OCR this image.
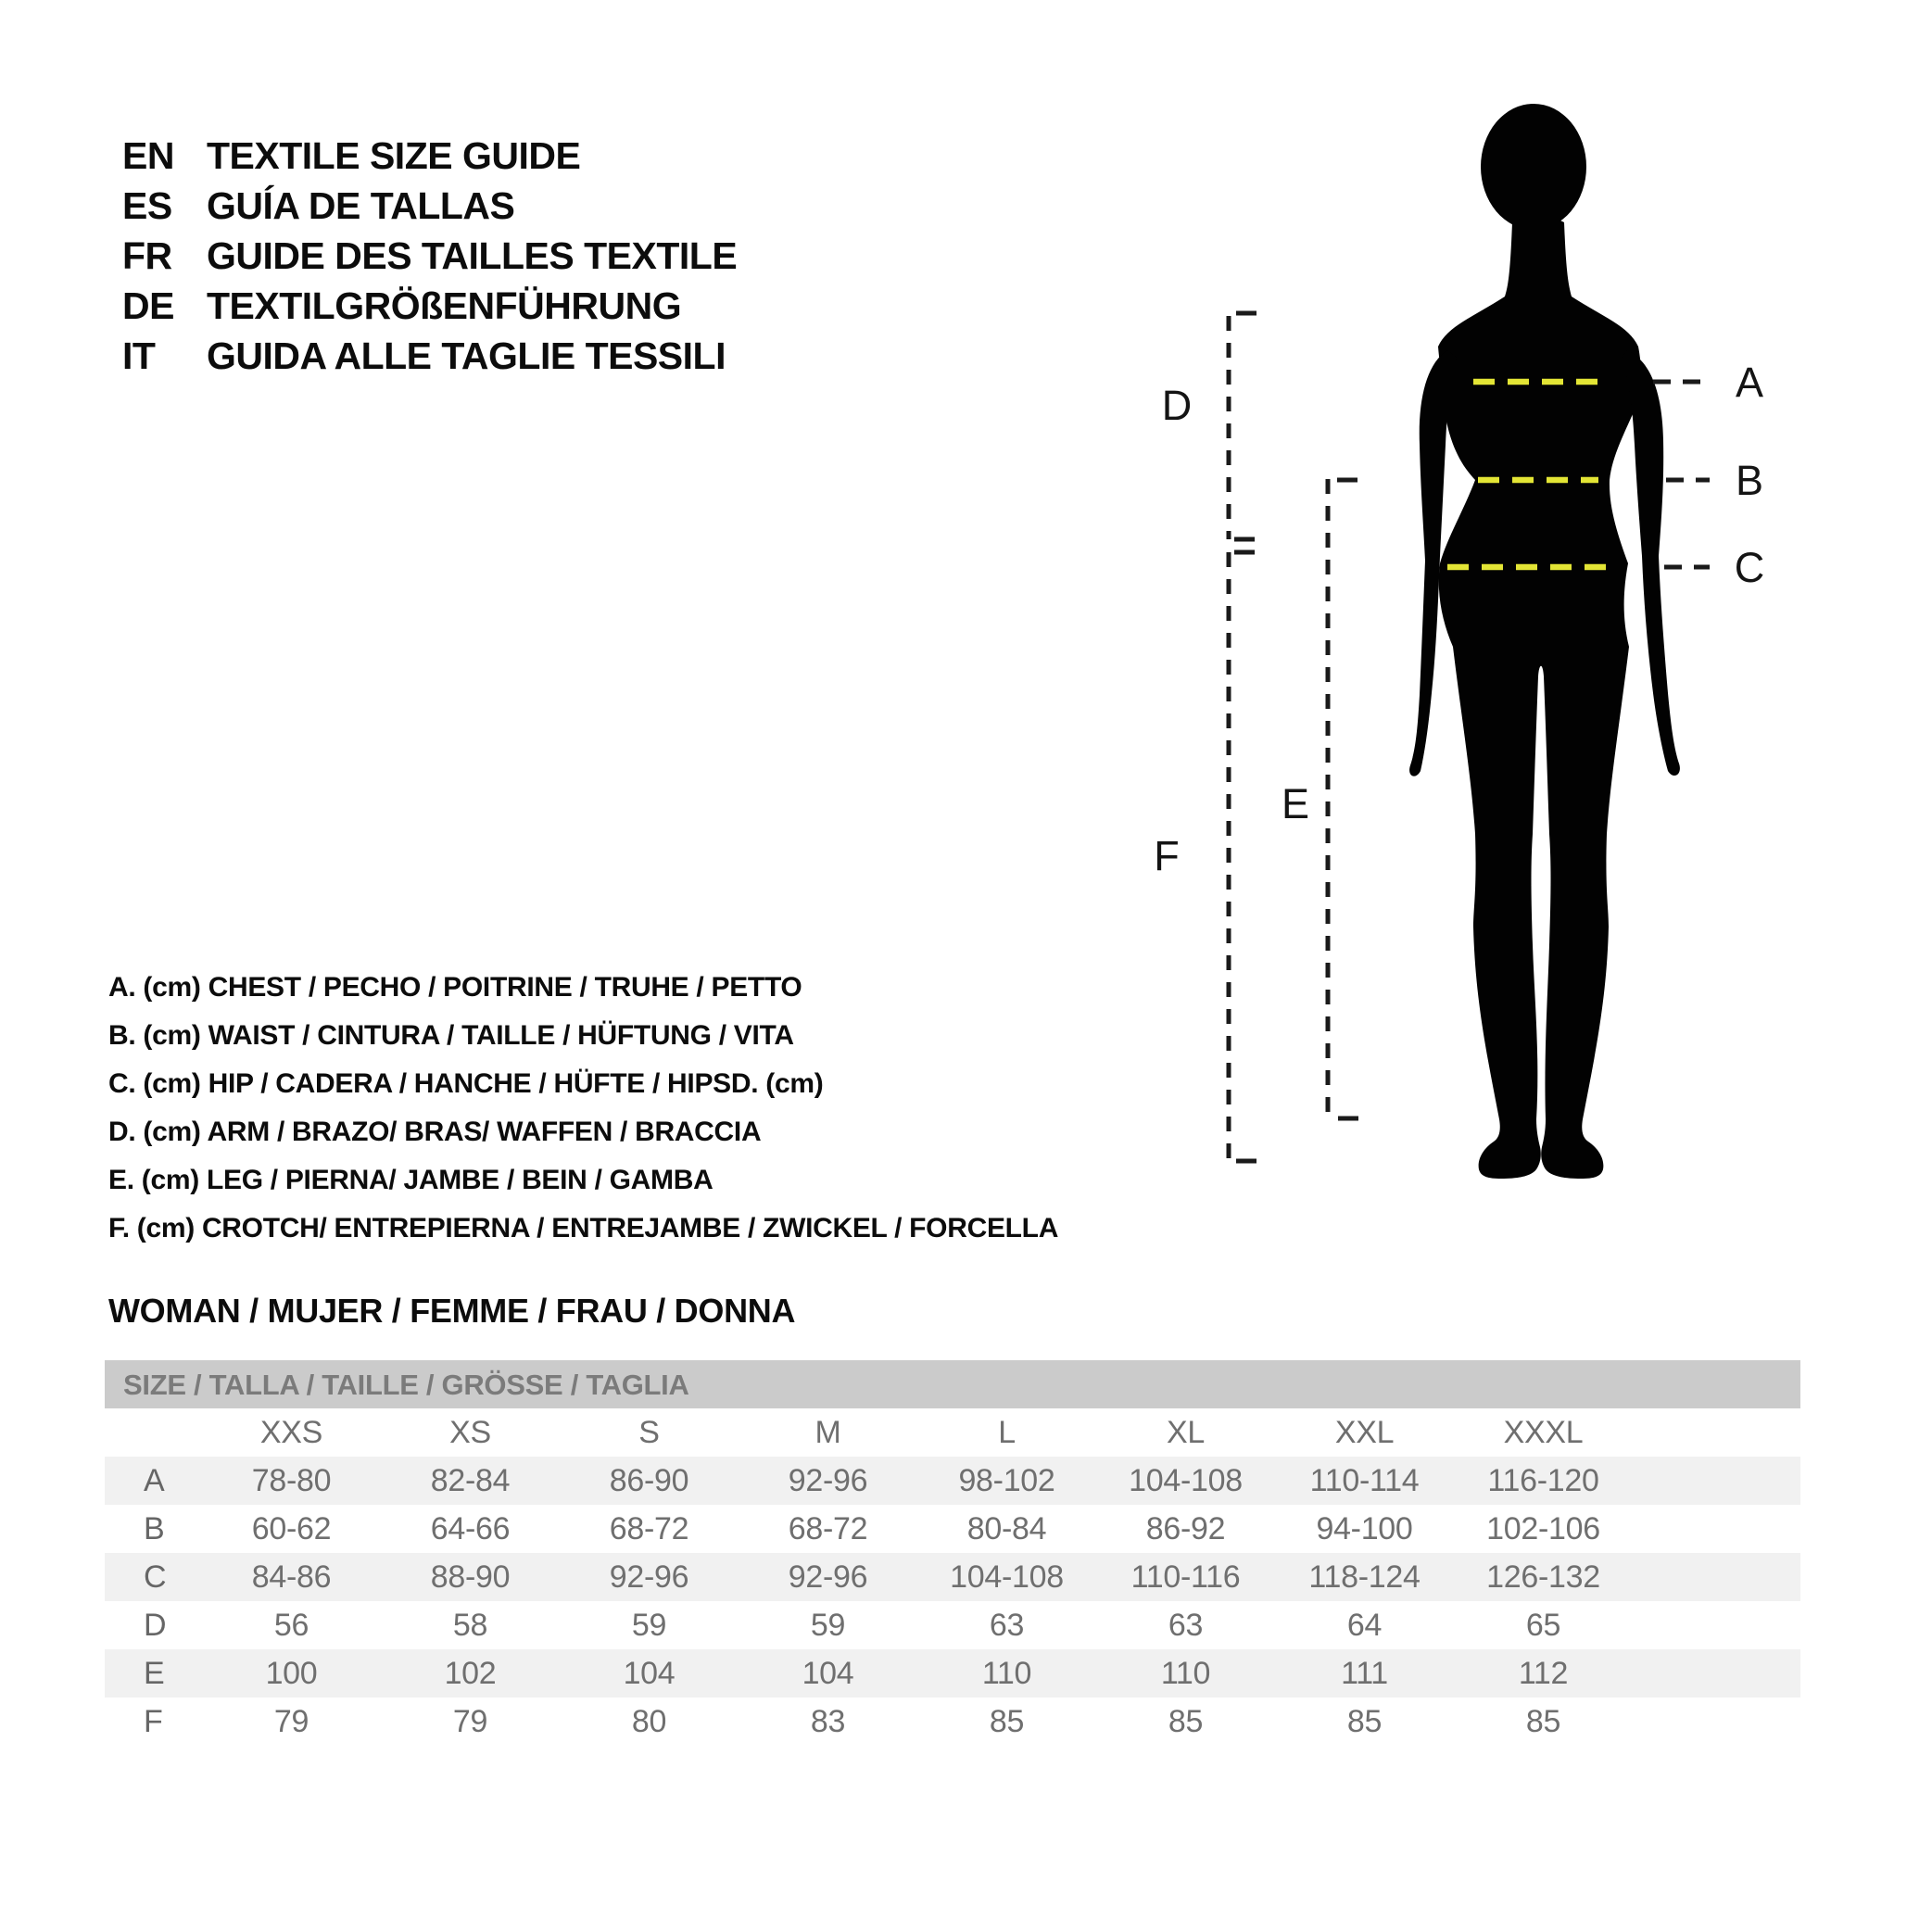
EN TEXTILE SIZE GUIDE
ES GUÍA DE TALLAS
FR GUIDE DES TAILLES TEXTILE
DE TEXTILGRÖßENFÜHRUNG
IT	GUIDA ALLE TAGLIE TESSILI
A
B
C
D
E
F
A. (cm) CHEST / PECHO / POITRINE / TRUHE / PETTO
B. (cm) WAIST / CINTURA / TAILLE / HÜFTUNG / VITA
C. (cm) HIP / CADERA / HANCHE / HÜFTE / HIPSD. (cm)
D. (cm) ARM / BRAZO/ BRAS/ WAFFEN / BRACCIA
E. (cm) LEG / PIERNA/ JAMBE / BEIN / GAMBA
F. (cm) CROTCH/ ENTREPIERNA / ENTREJAMBE / ZWICKEL / FORCELLA
WOMAN / MUJER / FEMME / FRAU / DONNA
SIZE / TALLA / TAILLE / GRÖSSE / TAGLIA
XXS	XS	S	M	L	XL	XXL	XXXL
A	78-80	82-84	86-90	92-96	98-102	104-108	110-114	116-120
B	60-62	64-66	68-72	68-72	80-84	86-92	94-100	102-106
C	84-86	88-90	92-96	92-96	104-108	110-116	118-124	126-132
D	56	58	59	59	63	63	64	65
E	100	102	104	104	110	110	111	112
F	79	79	80	83	85	85	85	85
